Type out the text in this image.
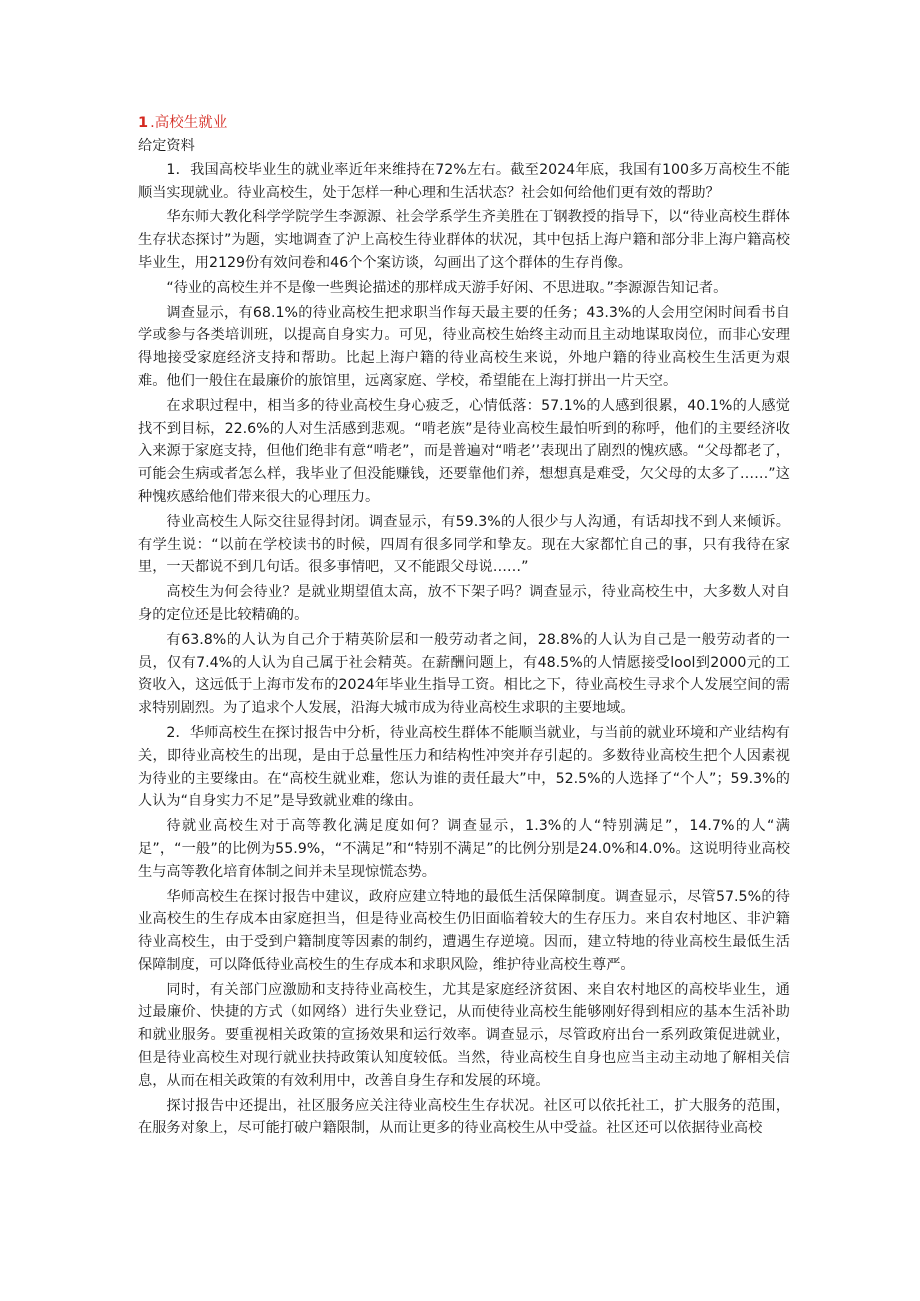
1 .高校生就业
给定资料

1．我国高校毕业生的就业率近年来维持在72%左右。截至2024年底，我国有100多万高校生不能顺当实现就业。待业高校生，处于怎样一种心理和生活状态？社会如何给他们更有效的帮助？

华东师大教化科学学院学生李源源、社会学系学生齐美胜在丁钢教授的指导下，以“待业高校生群体生存状态探讨”为题，实地调查了沪上高校生待业群体的状况，其中包括上海户籍和部分非上海户籍高校毕业生，用2129份有效问卷和46个个案访谈，勾画出了这个群体的生存肖像。

“待业的高校生并不是像一些舆论描述的那样成天游手好闲、不思进取。”李源源告知记者。

调查显示，有68.1%的待业高校生把求职当作每天最主要的任务；43.3%的人会用空闲时间看书自学或参与各类培训班，以提高自身实力。可见，待业高校生始终主动而且主动地谋取岗位，而非心安理得地接受家庭经济支持和帮助。比起上海户籍的待业高校生来说，外地户籍的待业高校生生活更为艰难。他们一般住在最廉价的旅馆里，远离家庭、学校，希望能在上海打拼出一片天空。

在求职过程中，相当多的待业高校生身心疲乏，心情低落：57.1%的人感到很累，40.1%的人感觉找不到目标，22.6%的人对生活感到悲观。“啃老族”是待业高校生最怕听到的称呼，他们的主要经济收入来源于家庭支持，但他们绝非有意“啃老”，而是普遍对“啃老’’表现出了剧烈的愧疚感。“父母都老了，可能会生病或者怎么样，我毕业了但没能赚钱，还要靠他们养，想想真是难受，欠父母的太多了……”这种愧疚感给他们带来很大的心理压力。

待业高校生人际交往显得封闭。调查显示，有59.3%的人很少与人沟通，有话却找不到人来倾诉。有学生说：“以前在学校读书的时候，四周有很多同学和挚友。现在大家都忙自己的事，只有我待在家里，一天都说不到几句话。很多事情吧，又不能跟父母说……”

高校生为何会待业？是就业期望值太高，放不下架子吗？调查显示，待业高校生中，大多数人对自身的定位还是比较精确的。

有63.8%的人认为自己介于精英阶层和一般劳动者之间，28.8%的人认为自己是一般劳动者的一员，仅有7.4%的人认为自己属于社会精英。在薪酬问题上，有48.5%的人情愿接受lool到2000元的工资收入，这远低于上海市发布的2024年毕业生指导工资。相比之下，待业高校生寻求个人发展空间的需求特别剧烈。为了追求个人发展，沿海大城市成为待业高校生求职的主要地域。

2．华师高校生在探讨报告中分析，待业高校生群体不能顺当就业，与当前的就业环境和产业结构有关，即待业高校生的出现，是由于总量性压力和结构性冲突并存引起的。多数待业高校生把个人因素视为待业的主要缘由。在“高校生就业难，您认为谁的责任最大”中，52.5%的人选择了“个人”；59.3%的人认为“自身实力不足”是导致就业难的缘由。

待就业高校生对于高等教化满足度如何？调查显示，1.3%的人“特别满足”，14.7%的人“满足”，“一般”的比例为55.9%，“不满足”和“特别不满足”的比例分别是24.0%和4.0%。这说明待业高校生与高等教化培育体制之间并未呈现惊慌态势。

华师高校生在探讨报告中建议，政府应建立特地的最低生活保障制度。调查显示，尽管57.5%的待业高校生的生存成本由家庭担当，但是待业高校生仍旧面临着较大的生存压力。来自农村地区、非沪籍待业高校生，由于受到户籍制度等因素的制约，遭遇生存逆境。因而，建立特地的待业高校生最低生活保障制度，可以降低待业高校生的生存成本和求职风险，维护待业高校生尊严。

同时，有关部门应激励和支持待业高校生，尤其是家庭经济贫困、来自农村地区的高校毕业生，通过最廉价、快捷的方式（如网络）进行失业登记，从而使待业高校生能够刚好得到相应的基本生活补助和就业服务。要重视相关政策的宣扬效果和运行效率。调查显示，尽管政府出台一系列政策促进就业，但是待业高校生对现行就业扶持政策认知度较低。当然，待业高校生自身也应当主动主动地了解相关信息，从而在相关政策的有效利用中，改善自身生存和发展的环境。

探讨报告中还提出，社区服务应关注待业高校生生存状况。社区可以依托社工，扩大服务的范围，在服务对象上，尽可能打破户籍限制，从而让更多的待业高校生从中受益。社区还可以依据待业高校
